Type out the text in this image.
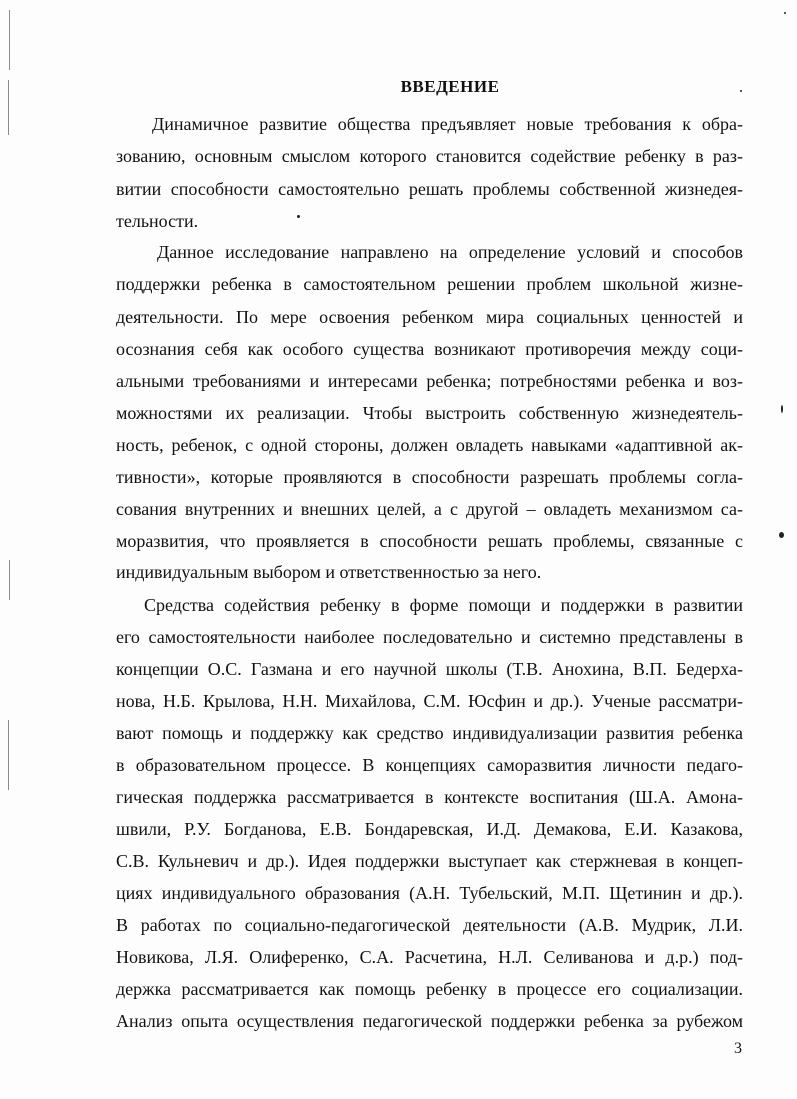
ВВЕДЕНИЕ
Динамичное развитие общества предъявляет новые требования к обра-
зованию, основным смыслом которого становится содействие ребенку в раз-
витии способности самостоятельно решать проблемы собственной жизнедея-
тельности.
Данное исследование направлено на определение условий и способов
поддержки ребенка в самостоятельном решении проблем школьной жизне-
деятельности. По мере освоения ребенком мира социальных ценностей и
осознания себя как особого существа возникают противоречия между соци-
альными требованиями и интересами ребенка; потребностями ребенка и воз-
можностями их реализации. Чтобы выстроить собственную жизнедеятель-
ность, ребенок, с одной стороны, должен овладеть навыками «адаптивной ак-
тивности», которые проявляются в способности разрешать проблемы согла-
сования внутренних и внешних целей, а с другой – овладеть механизмом са-
моразвития, что проявляется в способности решать проблемы, связанные с
индивидуальным выбором и ответственностью за него.
Средства содействия ребенку в форме помощи и поддержки в развитии
его самостоятельности наиболее последовательно и системно представлены в
концепции О.С. Газмана и его научной школы (Т.В. Анохина, В.П. Бедерха-
нова, Н.Б. Крылова, Н.Н. Михайлова, С.М. Юсфин и др.). Ученые рассматри-
вают помощь и поддержку как средство индивидуализации развития ребенка
в образовательном процессе. В концепциях саморазвития личности педаго-
гическая поддержка рассматривается в контексте воспитания (Ш.А. Амона-
швили, Р.У. Богданова, Е.В. Бондаревская, И.Д. Демакова, Е.И. Казакова,
С.В. Кульневич и др.). Идея поддержки выступает как стержневая в концеп-
циях индивидуального образования (А.Н. Тубельский, М.П. Щетинин и др.).
В работах по социально-педагогической деятельности (А.В. Мудрик, Л.И.
Новикова, Л.Я. Олиференко, С.А. Расчетина, Н.Л. Селиванова и д.р.) под-
держка рассматривается как помощь ребенку в процессе его социализации.
Анализ опыта осуществления педагогической поддержки ребенка за рубежом
3
